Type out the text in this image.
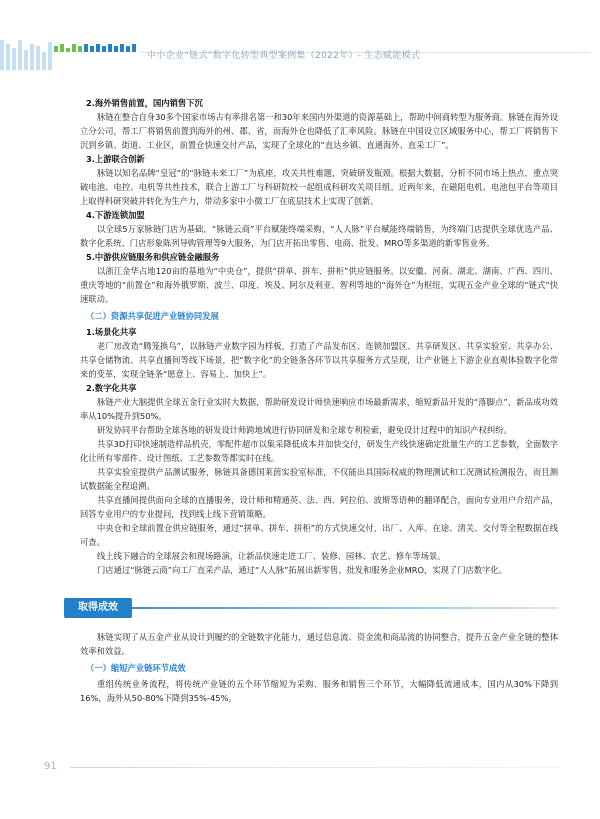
中小企业“链式”数字化转型典型案例集（2022年）- 生态赋能模式
2.海外销售前置，国内销售下沉
脉链在整合自身30多个国家市场占有率排名第一和30年来国内外渠道的资源基础上，帮助中间商转型为服务商。脉链在海外设立分公司，帮工厂将销售前置到海外的州、郡、省，而海外仓也降低了汇率风险。脉链在中国设立区域服务中心，帮工厂将销售下沉到乡镇、街道、工业区，前置仓快速交付产品，实现了全球化的“直达乡镇、直通海外、直采工厂”。
3.上游联合创新
脉链以知名品牌“皇冠”的“脉链未来工厂”为底座，攻关共性难题，突破研发瓶颈。根据大数据，分析不同市场上热点，重点突破电池、电控、电机等共性技术，联合上游工厂与科研院校一起组成科研攻关项目组。近两年来，在磁阻电机、电池包平台等项目上取得科研突破并转化为生产力，带动多家中小微工厂在底层技术上实现了创新。
4.下游连锁加盟
以全球5万家脉链门店为基础，“脉链云商”平台赋能终端采购，“人人脉”平台赋能终端销售，为终端门店提供全球优选产品、数字化系统、门店形象陈列导购管理等9大服务，为门店开拓出零售、电商、批发、MRO等多渠道的新零售业务。
5.中游供应链服务和供应链金融服务
以浙江金华占地120亩的基地为“中央仓”，提供“拼单、拼车、拼柜”供应链服务。以安徽、河南、湖北、湖南、广西、四川、重庆等地的“前置仓”和海外俄罗斯、波兰、印度、埃及、阿尔及利亚、智利等地的“海外仓”为枢纽，实现五金产业全球的“链式”快速联动。
（二）资源共享促进产业链协同发展
1.场景化共享
老厂房改造“腾笼换鸟”，以脉链产业数字园为样板，打造了产品发布区、连锁加盟区、共享研发区、共享实验室、共享办公、共享仓储物流、共享直播间等线下场景，把“数字化”的全链条各环节以共享服务方式呈现，让产业链上下游企业直观体验数字化带来的变革，实现全链条“愿意上、容易上、加快上”。
2.数字化共享
脉链产业大脑提供全球五金行业实时大数据，帮助研发设计师快速响应市场最新需求，缩短新品开发的“落脚点”，新品成功效率从10%提升到50%。
研发协同平台帮助全球各地的研发设计师跨地域进行协同研发和全球专利检索，避免设计过程中的知识产权纠纷。
共享3D打印快速制造样品机壳，零配件超市以集采降低成本并加快交付，研发生产线快速确定批量生产的工艺参数，全面数字化让所有零部件、设计图纸、工艺参数等都实时在线。
共享实验室提供产品测试服务，脉链具备德国莱茵实验室标准，不仅能出具国际权威的物理测试和工况测试检测报告，而且测试数据能全程追溯。
共享直播间提供面向全球的直播服务，设计师和精通英、法、西、阿拉伯、波斯等语种的翻译配合，面向专业用户介绍产品，回答专业用户的专业提问，找到线上线下营销策略。
中央仓和全球前置仓供应链服务，通过“拼单、拼车、拼柜”的方式快速交付，出厂、入库、在途、清关、交付等全程数据在线可查。
线上线下融合的全球展会和现场路演，让新品快速走进工厂、装修、园林、农艺、修车等场景。
门店通过“脉链云商”向工厂直采产品，通过“人人脉”拓展出新零售、批发和服务企业MRO，实现了门店数字化。
取得成效
脉链实现了从五金产业从设计到履约的全链数字化能力，通过信息流、资金流和商品流的协同整合，提升五金产业全链的整体效率和效益。
（一）缩短产业链环节成效
重组传统业务流程，将传统产业链的五个环节缩短为采购、服务和销售三个环节，大幅降低流通成本，国内从30%下降到16%，海外从50-80%下降到35%-45%。
91
